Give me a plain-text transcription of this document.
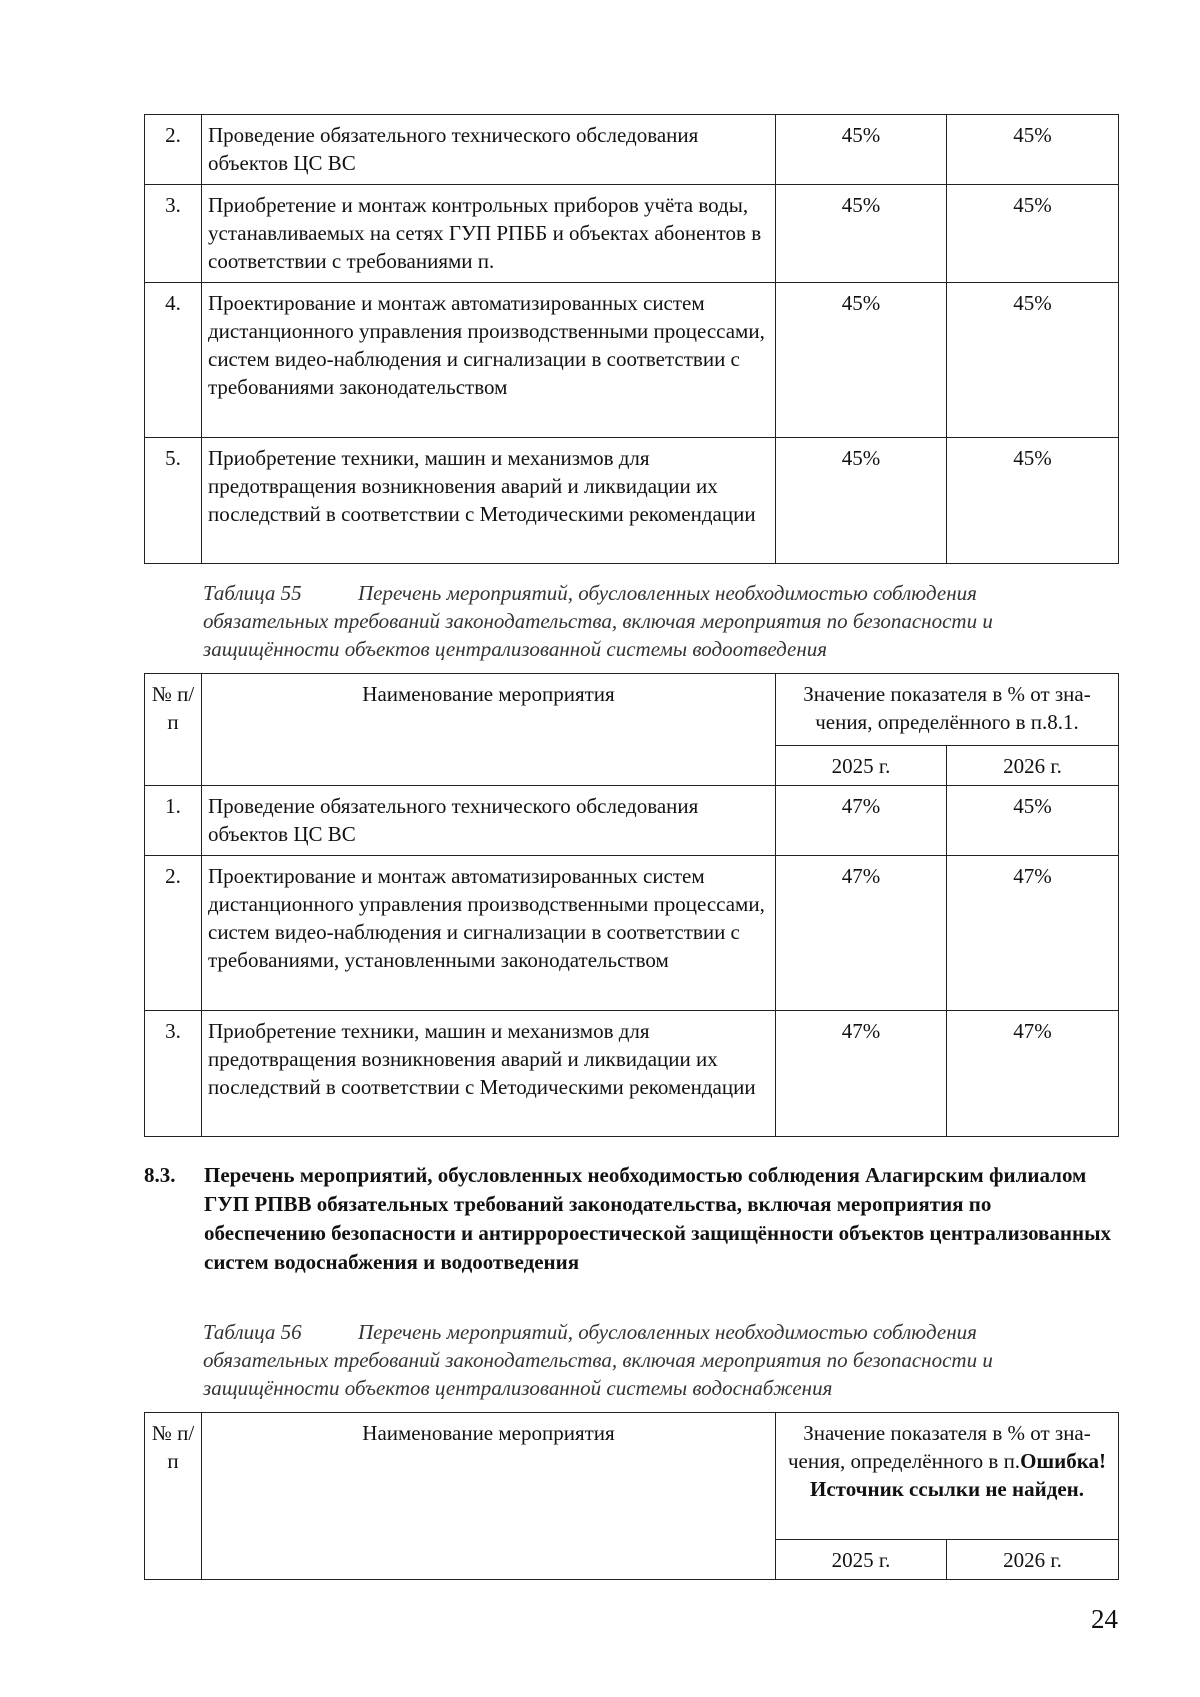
2.	Проведение обязательного технического обследования объектов ЦС ВС	45%	45%
3.	Приобретение и монтаж контрольных приборов учёта воды, устанавливаемых на сетях ГУП РПББ и объектах абонентов в соответствии с требованиями п.	45%	45%
4.	Проектирование и монтаж автоматизированных систем дистанционного управления производственными процессами, систем видео-наблюдения и сигнализации в соответствии с требованиями законодательством	45%	45%
5.	Приобретение техники, машин и механизмов для предотвращения возникновения аварий и ликвидации их последствий в соответствии с Методическими рекомендации	45%	45%
Таблица 55	Перечень мероприятий, обусловленных необходимостью соблюдения обязательных требований законодательства, включая мероприятия по безопасности и защищённости объектов централизованной системы водоотведения
№ п/п	Наименование мероприятия	Значение показателя в % от зна-чения, определённого в п.8.1.	
		2025 г.	2026 г.
1.	Проведение обязательного технического обследования объектов ЦС ВС	47%	45%
2.	Проектирование и монтаж автоматизированных систем дистанционного управления производственными процессами, систем видео-наблюдения и сигнализации в соответствии с требованиями, установленными законодательством	47%	47%
3.	Приобретение техники, машин и механизмов для предотвращения возникновения аварий и ликвидации их последствий в соответствии с Методическими рекомендации	47%	47%
8.3. Перечень мероприятий, обусловленных необходимостью соблюдения Алагирским филиалом ГУП РПВВ обязательных требований законодательства, включая мероприятия по обеспечению безопасности и антирророестической защищённости объектов централизованных систем водоснабжения и водоотведения
Таблица 56	Перечень мероприятий, обусловленных необходимостью соблюдения обязательных требований законодательства, включая мероприятия по безопасности и защищённости объектов централизованной системы водоснабжения
№ п/п	Наименование мероприятия	Значение показателя в % от зна-чения, определённого в п.Ошибка! Источник ссылки не найден.	
		2025 г.	2026 г.
24
